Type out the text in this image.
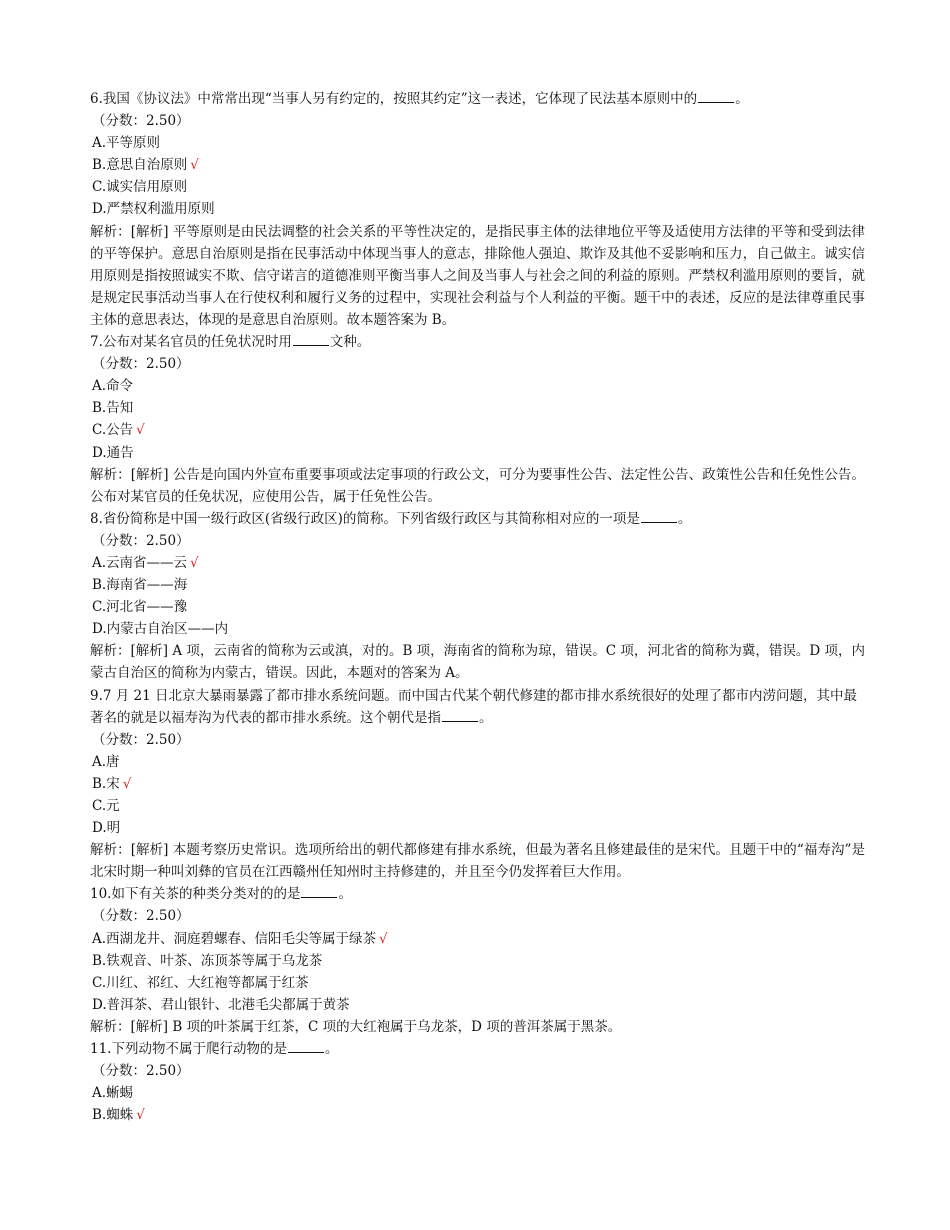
6.我国《协议法》中常常出现“当事人另有约定的，按照其约定”这一表述，它体现了民法基本原则中的	。

（分数：2.50）

A.平等原则

B.意思自治原则 √

C.诚实信用原则

D.严禁权利滥用原则

解析：[解析] 平等原则是由民法调整的社会关系的平等性决定的，是指民事主体的法律地位平等及适使用方法律的平等和受到法律的平等保护。意思自治原则是指在民事活动中体现当事人的意志，排除他人强迫、欺诈及其他不妥影响和压力，自己做主。诚实信用原则是指按照诚实不欺、信守诺言的道德准则平衡当事人之间及当事人与社会之间的利益的原则。严禁权利滥用原则的要旨，就是规定民事活动当事人在行使权利和履行义务的过程中，实现社会利益与个人利益的平衡。题干中的表述，反应的是法律尊重民事主体的意思表达，体现的是意思自治原则。故本题答案为 B。

7.公布对某名官员的任免状况时用	文种。

（分数：2.50）

A.命令

B.告知

C.公告 √

D.通告

解析：[解析] 公告是向国内外宣布重要事项或法定事项的行政公文，可分为要事性公告、法定性公告、政策性公告和任免性公告。公布对某官员的任免状况，应使用公告，属于任免性公告。

8.省份简称是中国一级行政区(省级行政区)的简称。下列省级行政区与其简称相对应的一项是	。

（分数：2.50）

A.云南省——云 √

B.海南省——海

C.河北省——豫

D.内蒙古自治区——内

解析：[解析] A 项，云南省的简称为云或滇，对的。B 项，海南省的简称为琼，错误。C 项，河北省的简称为冀，错误。D 项，内蒙古自治区的简称为内蒙古，错误。因此，本题对的答案为 A。

9.7 月 21 日北京大暴雨暴露了都市排水系统问题。而中国古代某个朝代修建的都市排水系统很好的处理了都市内涝问题，其中最著名的就是以福寿沟为代表的都市排水系统。这个朝代是指	。

（分数：2.50）

A.唐

B.宋 √

C.元

D.明

解析：[解析] 本题考察历史常识。选项所给出的朝代都修建有排水系统，但最为著名且修建最佳的是宋代。且题干中的“福寿沟”是北宋时期一种叫刘彝的官员在江西赣州任知州时主持修建的，并且至今仍发挥着巨大作用。

10.如下有关茶的种类分类对的的是	。

（分数：2.50）

A.西湖龙井、洞庭碧螺春、信阳毛尖等属于绿茶 √

B.铁观音、叶茶、冻顶茶等属于乌龙茶

C.川红、祁红、大红袍等都属于红茶

D.普洱茶、君山银针、北港毛尖都属于黄茶

解析：[解析] B 项的叶茶属于红茶，C 项的大红袍属于乌龙茶，D 项的普洱茶属于黑茶。

11.下列动物不属于爬行动物的是	。

（分数：2.50）

A.蜥蜴

B.蜘蛛 √
